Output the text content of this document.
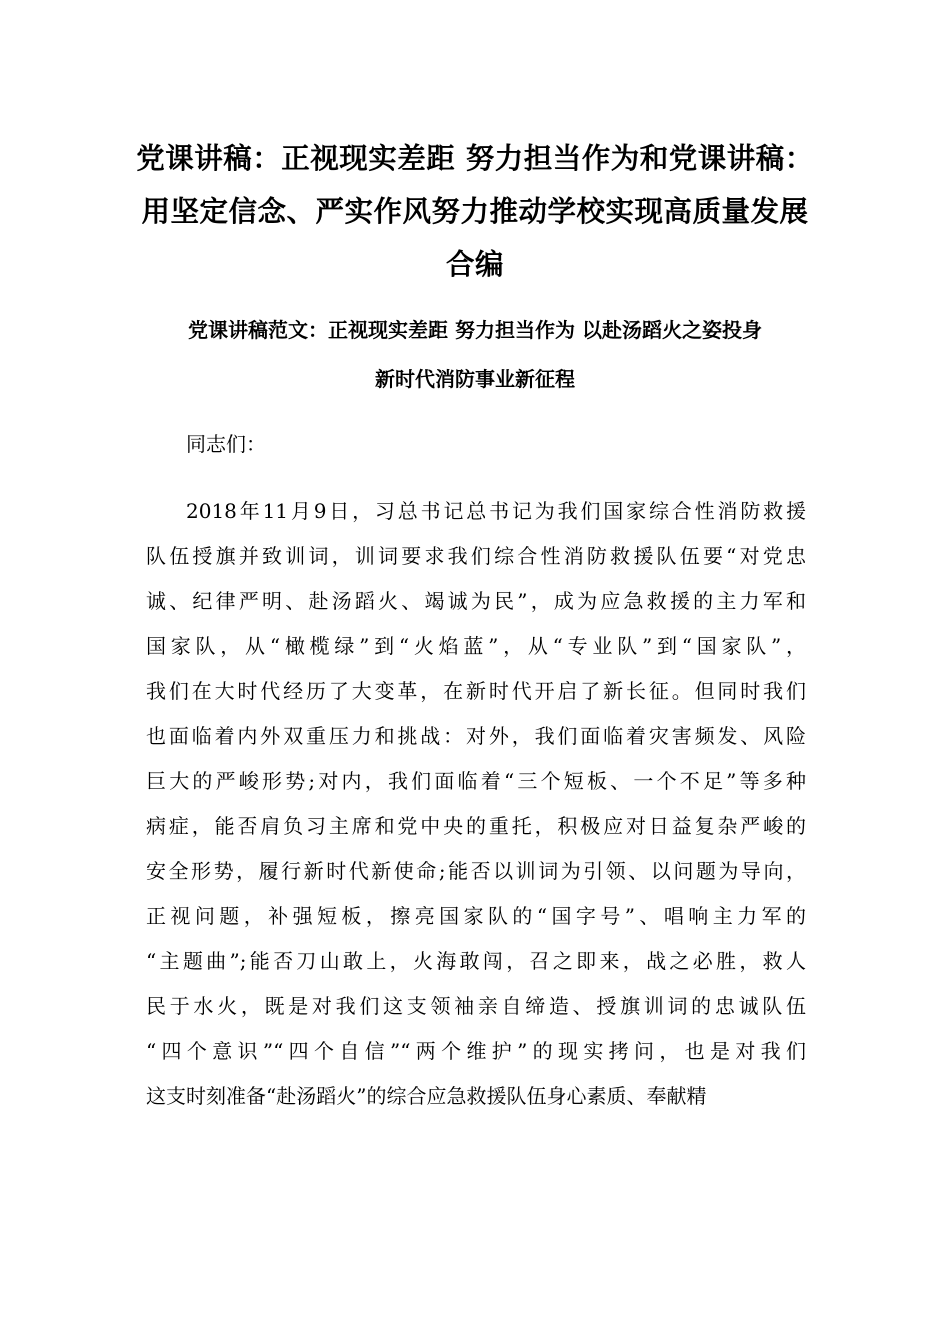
党课讲稿：正视现实差距 努力担当作为和党课讲稿：
用坚定信念、严实作风努力推动学校实现高质量发展
合编
党课讲稿范文：正视现实差距 努力担当作为 以赴汤蹈火之姿投身
新时代消防事业新征程

同志们：

2018年11月9日，习总书记总书记为我们国家综合性消防救援
队伍授旗并致训词，训词要求我们综合性消防救援队伍要“对党忠
诚、纪律严明、赴汤蹈火、竭诚为民”，成为应急救援的主力军和
国家队，从“橄榄绿”到“火焰蓝”，从“专业队”到“国家队”，
我们在大时代经历了大变革，在新时代开启了新长征。但同时我们
也面临着内外双重压力和挑战：对外，我们面临着灾害频发、风险
巨大的严峻形势;对内，我们面临着“三个短板、一个不足”等多种
病症，能否肩负习主席和党中央的重托，积极应对日益复杂严峻的
安全形势，履行新时代新使命;能否以训词为引领、以问题为导向，
正视问题，补强短板，擦亮国家队的“国字号”、唱响主力军的
“主题曲”;能否刀山敢上，火海敢闯，召之即来，战之必胜，救人
民于水火，既是对我们这支领袖亲自缔造、授旗训词的忠诚队伍
“四个意识”“四个自信”“两个维护”的现实拷问，也是对我们
这支时刻准备“赴汤蹈火”的综合应急救援队伍身心素质、奉献精
